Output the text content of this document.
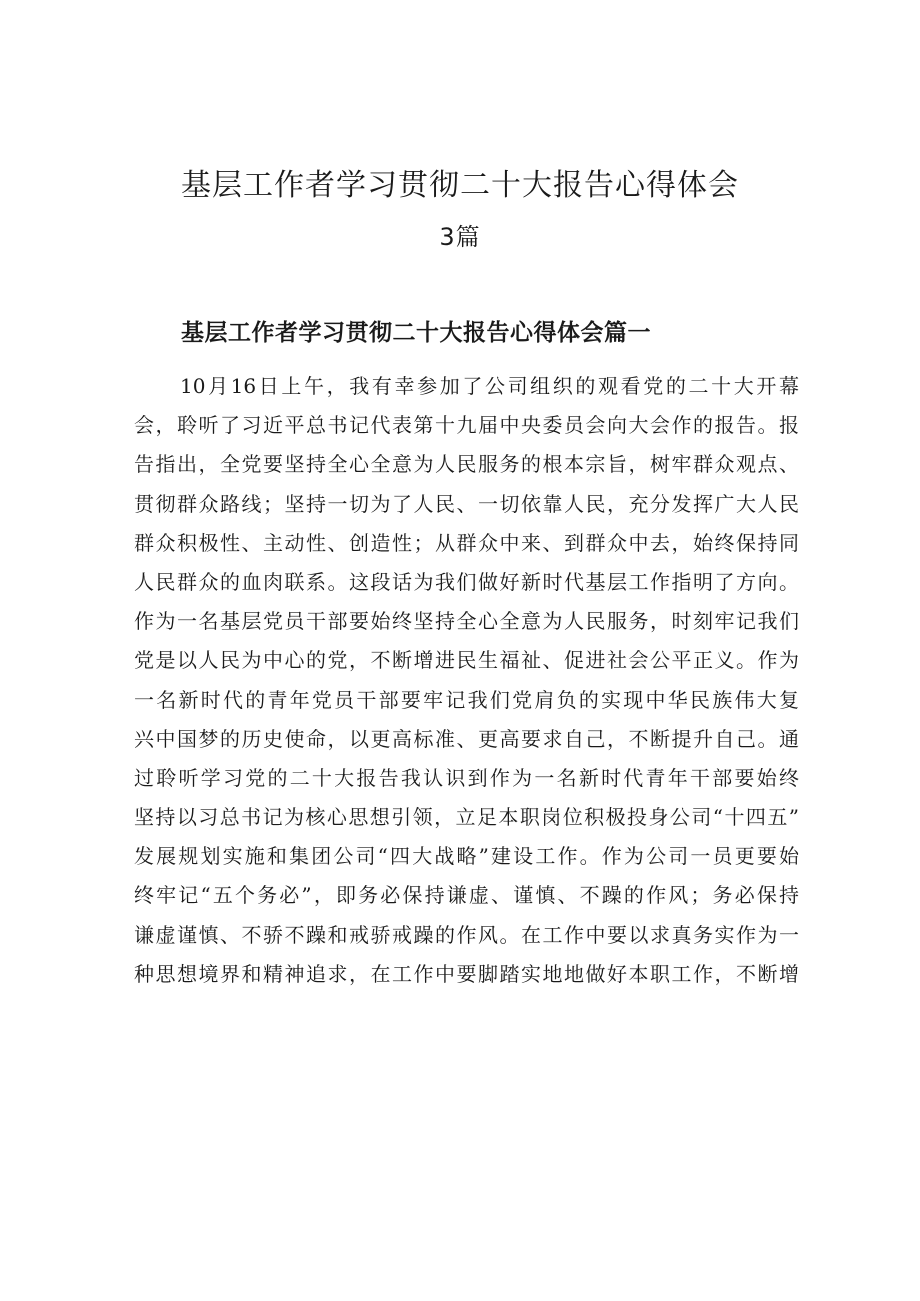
基层工作者学习贯彻二十大报告心得体会
3篇
基层工作者学习贯彻二十大报告心得体会篇一
10月16日上午，我有幸参加了公司组织的观看党的二十大开幕
会，聆听了习近平总书记代表第十九届中央委员会向大会作的报告。报
告指出，全党要坚持全心全意为人民服务的根本宗旨，树牢群众观点、
贯彻群众路线；坚持一切为了人民、一切依靠人民，充分发挥广大人民
群众积极性、主动性、创造性；从群众中来、到群众中去，始终保持同
人民群众的血肉联系。这段话为我们做好新时代基层工作指明了方向。
作为一名基层党员干部要始终坚持全心全意为人民服务，时刻牢记我们
党是以人民为中心的党，不断增进民生福祉、促进社会公平正义。作为
一名新时代的青年党员干部要牢记我们党肩负的实现中华民族伟大复
兴中国梦的历史使命，以更高标准、更高要求自己，不断提升自己。通
过聆听学习党的二十大报告我认识到作为一名新时代青年干部要始终
坚持以习总书记为核心思想引领，立足本职岗位积极投身公司“十四五”
发展规划实施和集团公司“四大战略”建设工作。作为公司一员更要始
终牢记“五个务必”，即务必保持谦虚、谨慎、不躁的作风；务必保持
谦虚谨慎、不骄不躁和戒骄戒躁的作风。在工作中要以求真务实作为一
种思想境界和精神追求，在工作中要脚踏实地地做好本职工作，不断增
